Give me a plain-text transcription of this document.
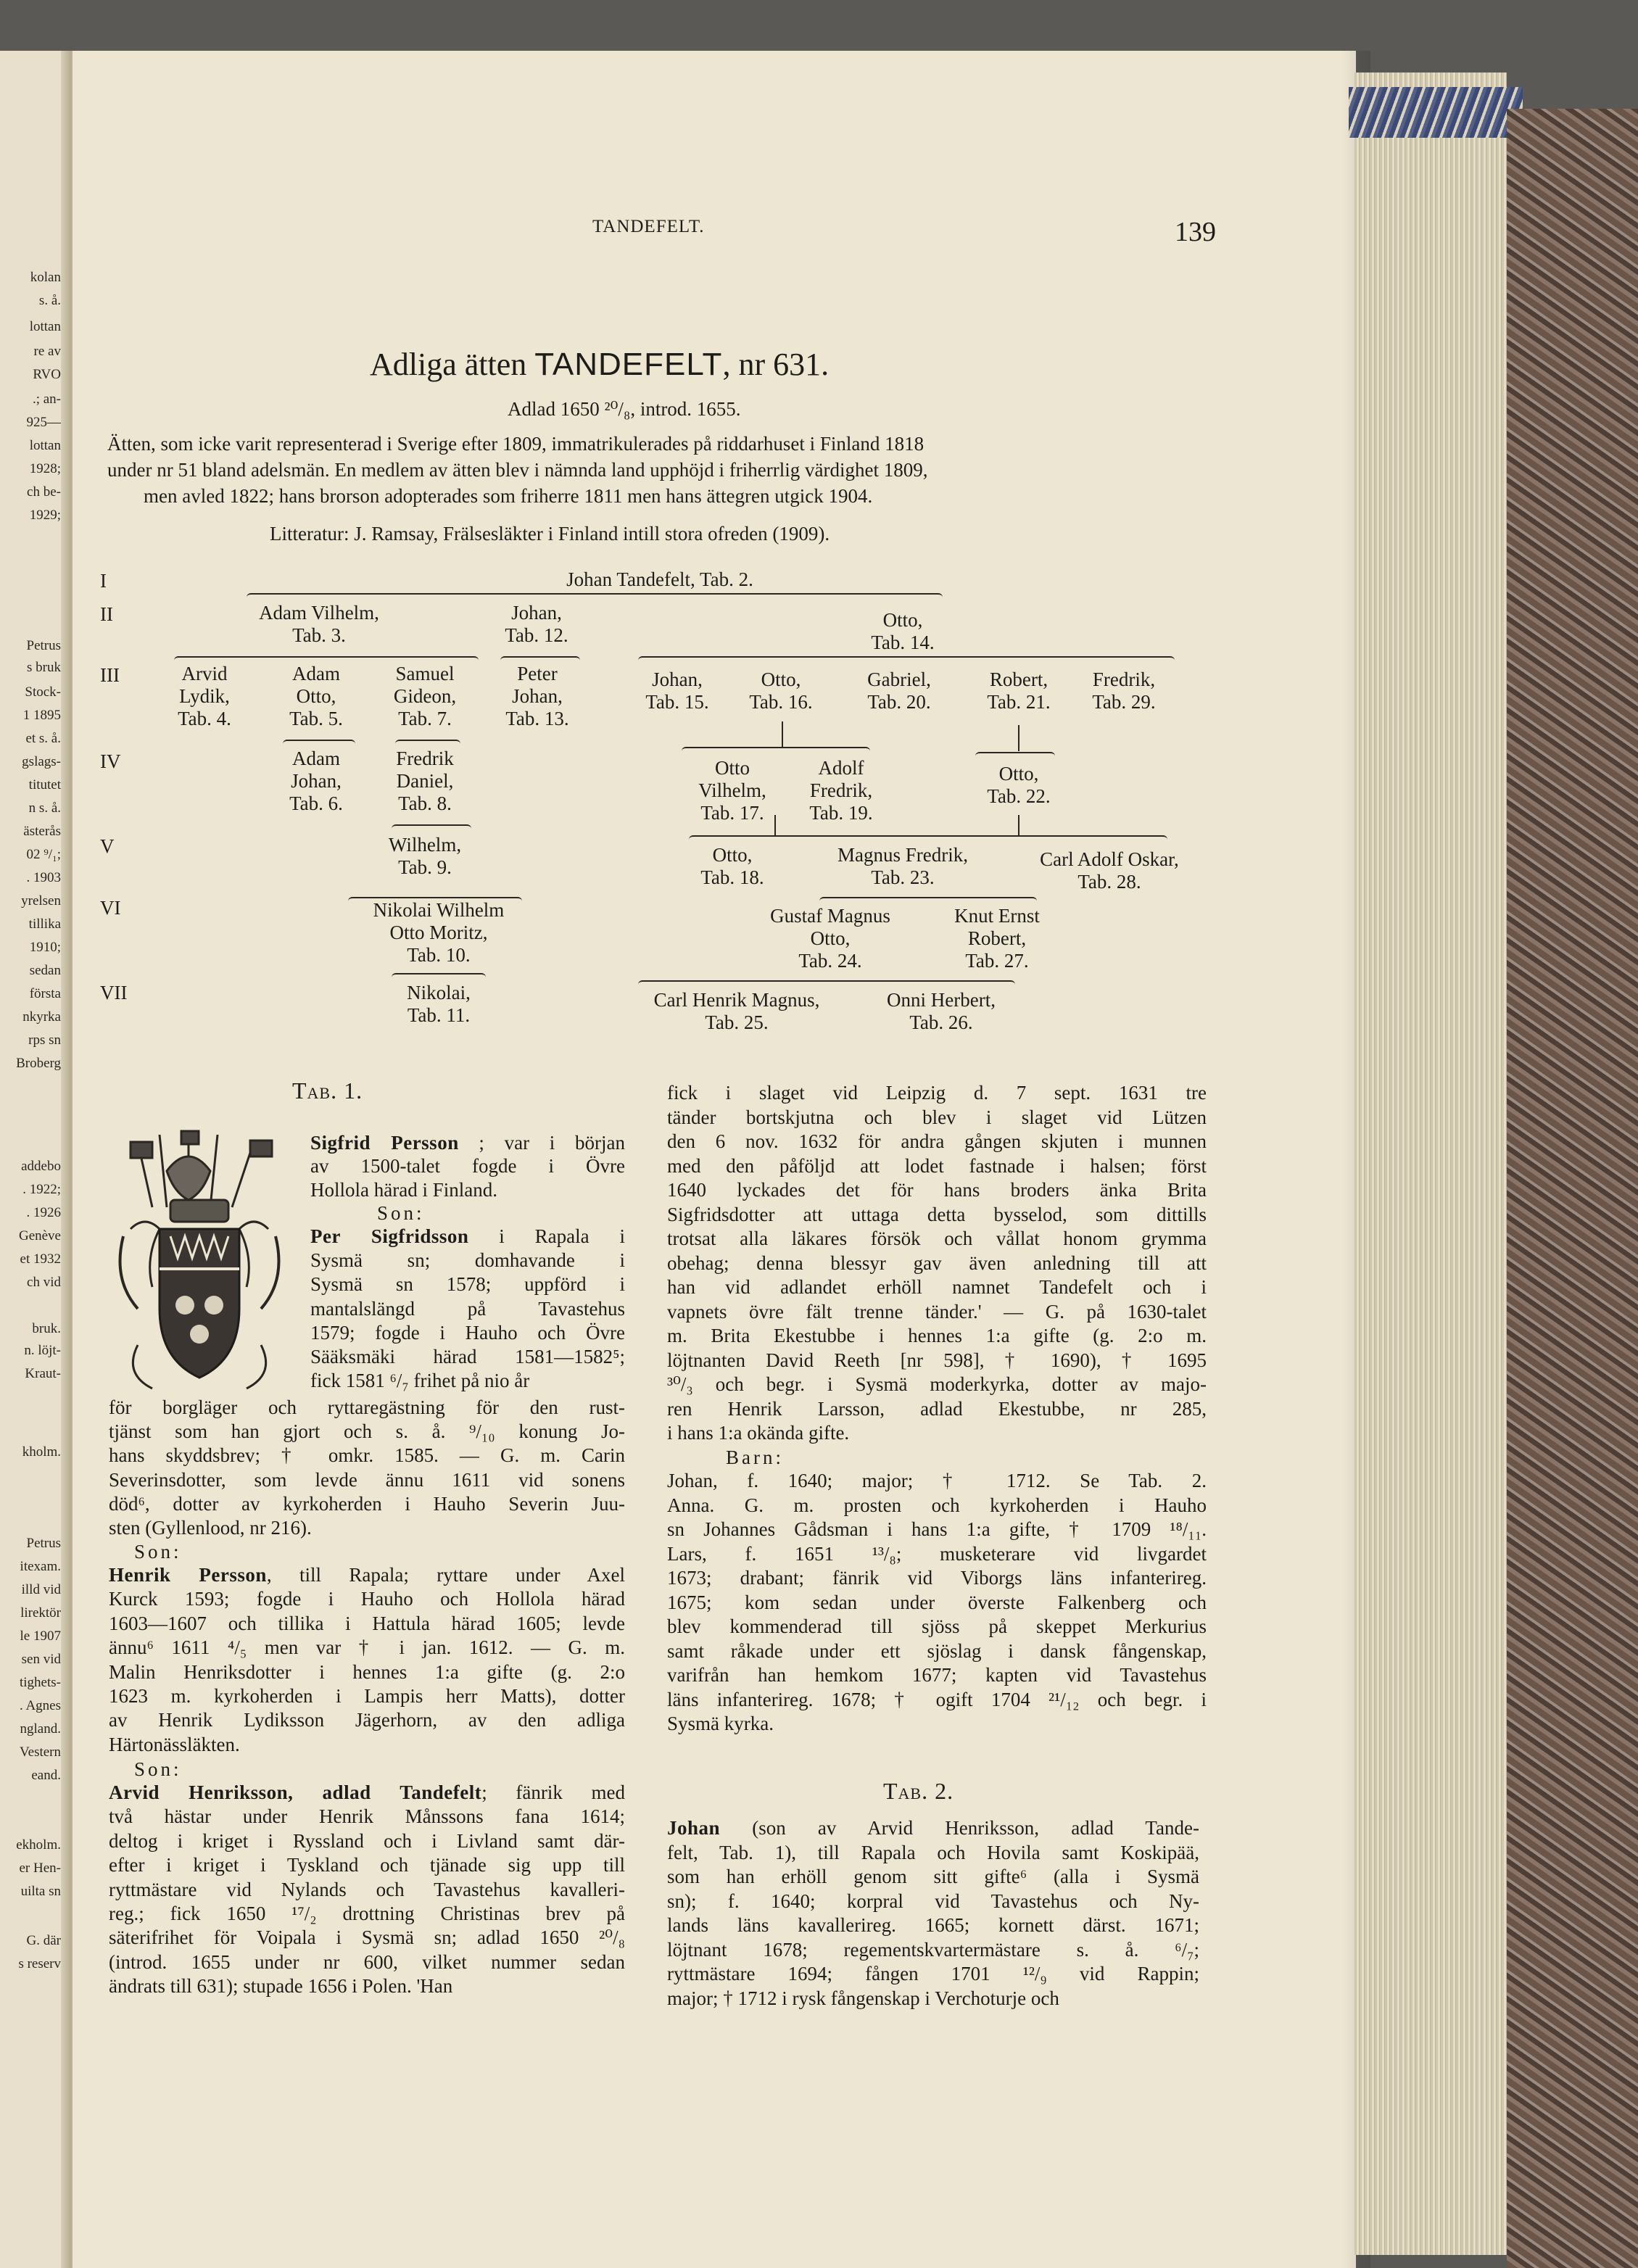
kolan
s. å.
lottan
re av
RVO
.; an-
925—
lottan
1928;
ch be-
1929;
Petrus
s bruk
Stock-
1 1895
et s. å.
gslags-
titutet
n s. å.
ästerås
02 ⁹/₁;
. 1903
yrelsen
tillika
1910;
sedan
första
nkyrka
rps sn
Broberg
addebo
. 1922;
. 1926
Genève
et 1932
ch vid
bruk.
n. löjt-
Kraut-
kholm.
Petrus
itexam.
illd vid
lirektör
le 1907
sen vid
tighets-
. Agnes
ngland.
Vestern
eand.
ekholm.
er Hen-
uilta sn
G. där
s reserv
TANDEFELT.	139
Adliga ätten TANDEFELT, nr 631.
Adlad 1650 ²⁰/₈, introd. 1655.
Ätten, som icke varit representerad i Sverige efter 1809, immatrikulerades på riddarhuset i Finland 1818
under nr 51 bland adelsmän. En medlem av ätten blev i nämnda land upphöjd i friherrlig värdighet 1809,
men avled 1822; hans brorson adopterades som friherre 1811 men hans ättegren utgick 1904.
Litteratur: J. Ramsay, Frälsesläkter i Finland intill stora ofreden (1909).
I
II
III
IV
V
VI
VII
Johan Tandefelt, Tab. 2.
Adam Vilhelm,
Tab. 3.
Johan,
Tab. 12.
Otto,
Tab. 14.
Arvid
Lydik,
Tab. 4.
Adam
Otto,
Tab. 5.
Samuel
Gideon,
Tab. 7.
Peter
Johan,
Tab. 13.
Johan,
Tab. 15.
Otto,
Tab. 16.
Gabriel,
Tab. 20.
Robert,
Tab. 21.
Fredrik,
Tab. 29.
Adam
Johan,
Tab. 6.
Fredrik
Daniel,
Tab. 8.
Otto
Vilhelm,
Tab. 17.
Adolf
Fredrik,
Tab. 19.
Otto,
Tab. 22.
Wilhelm,
Tab. 9.
Otto,
Tab. 18.
Magnus Fredrik,
Tab. 23.
Carl Adolf Oskar,
Tab. 28.
Nikolai Wilhelm
Otto Moritz,
Tab. 10.
Gustaf Magnus
Otto,
Tab. 24.
Knut Ernst
Robert,
Tab. 27.
Nikolai,
Tab. 11.
Carl Henrik Magnus,
Tab. 25.
Onni Herbert,
Tab. 26.
Tab. 1.
Sigfrid Persson ; var i början
av 1500-talet fogde i Övre
Hollola härad i Finland.
Son:
Per Sigfridsson i Rapala i
Sysmä sn; domhavande i
Sysmä sn 1578; uppförd i
mantalslängd på Tavastehus
1579; fogde i Hauho och Övre
Sääksmäki härad 1581—1582⁵;
fick 1581 ⁶/₇ frihet på nio år
för borgläger och ryttaregästning för den rust-
tjänst som han gjort och s. å. ⁹/₁₀ konung Jo-
hans skyddsbrev; † omkr. 1585. — G. m. Carin
Severinsdotter, som levde ännu 1611 vid sonens
död⁶, dotter av kyrkoherden i Hauho Severin Juu-
sten (Gyllenlood, nr 216).
Son:
Henrik Persson, till Rapala; ryttare under Axel
Kurck 1593; fogde i Hauho och Hollola härad
1603—1607 och tillika i Hattula härad 1605; levde
ännu⁶ 1611 ⁴/₅ men var † i jan. 1612. — G. m.
Malin Henriksdotter i hennes 1:a gifte (g. 2:o
1623 m. kyrkoherden i Lampis herr Matts), dotter
av Henrik Lydiksson Jägerhorn, av den adliga
Härtonässläkten.
Son:
Arvid Henriksson, adlad Tandefelt; fänrik med
två hästar under Henrik Månssons fana 1614;
deltog i kriget i Ryssland och i Livland samt där-
efter i kriget i Tyskland och tjänade sig upp till
ryttmästare vid Nylands och Tavastehus kavalleri-
reg.; fick 1650 ¹⁷/₂ drottning Christinas brev på
säterifrihet för Voipala i Sysmä sn; adlad 1650 ²⁰/₈
(introd. 1655 under nr 600, vilket nummer sedan
ändrats till 631); stupade 1656 i Polen. 'Han
fick i slaget vid Leipzig d. 7 sept. 1631 tre
tänder bortskjutna och blev i slaget vid Lützen
den 6 nov. 1632 för andra gången skjuten i munnen
med den påföljd att lodet fastnade i halsen; först
1640 lyckades det för hans broders änka Brita
Sigfridsdotter att uttaga detta bysselod, som dittills
trotsat alla läkares försök och vållat honom grymma
obehag; denna blessyr gav även anledning till att
han vid adlandet erhöll namnet Tandefelt och i
vapnets övre fält trenne tänder.' — G. på 1630-talet
m. Brita Ekestubbe i hennes 1:a gifte (g. 2:o m.
löjtnanten David Reeth [nr 598], † 1690), † 1695
³⁰/₃ och begr. i Sysmä moderkyrka, dotter av majo-
ren Henrik Larsson, adlad Ekestubbe, nr 285,
i hans 1:a okända gifte.
Barn:
Johan, f. 1640; major; † 1712. Se Tab. 2.
Anna. G. m. prosten och kyrkoherden i Hauho
sn Johannes Gådsman i hans 1:a gifte, † 1709 ¹⁸/₁₁.
Lars, f. 1651 ¹³/₈; musketerare vid livgardet
1673; drabant; fänrik vid Viborgs läns infanterireg.
1675; kom sedan under överste Falkenberg och
blev kommenderad till sjöss på skeppet Merkurius
samt råkade under ett sjöslag i dansk fångenskap,
varifrån han hemkom 1677; kapten vid Tavastehus
läns infanterireg. 1678; † ogift 1704 ²¹/₁₂ och begr. i
Sysmä kyrka.
Tab. 2.
Johan (son av Arvid Henriksson, adlad Tande-
felt, Tab. 1), till Rapala och Hovila samt Koskipää,
som han erhöll genom sitt gifte⁶ (alla i Sysmä
sn); f. 1640; korpral vid Tavastehus och Ny-
lands läns kavallerireg. 1665; kornett därst. 1671;
löjtnant 1678; regementskvartermästare s. å. ⁶/₇;
ryttmästare 1694; fången 1701 ¹²/₉ vid Rappin;
major; † 1712 i rysk fångenskap i Verchoturje och
